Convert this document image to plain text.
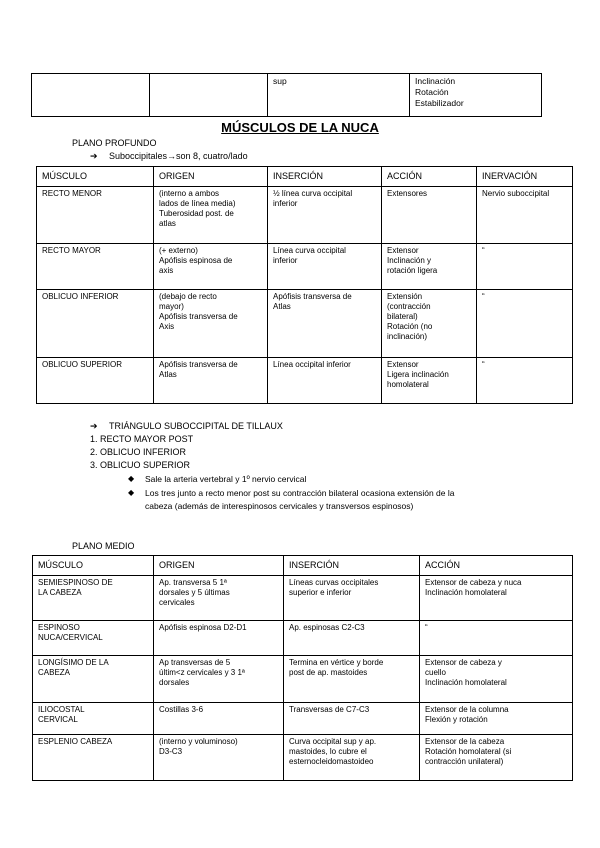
		sup	Inclinación
Rotación
Estabilizador
MÚSCULOS DE LA NUCA
PLANO PROFUNDO
➔ Suboccipitales→son 8, cuatro/lado
MÚSCULO	ORIGEN	INSERCIÓN	ACCIÓN	INERVACIÓN
RECTO MENOR	(interno a ambos
lados de línea media)
Tuberosidad post. de
atlas	½ línea curva occipital
inferior	Extensores	Nervio suboccipital
RECTO MAYOR	(+ externo)
Apófisis espinosa de
axis	Línea curva occipital
inferior	Extensor
Inclinación y
rotación ligera	“
OBLICUO INFERIOR	(debajo de recto
mayor)
Apófisis transversa de
Axis	Apófisis transversa de
Atlas	Extensión
(contracción
bilateral)
Rotación (no
inclinación)	“
OBLICUO SUPERIOR	Apófisis transversa de
Atlas	Línea occipital inferior	Extensor
Ligera inclinación
homolateral	“
➔ TRIÁNGULO SUBOCCIPITAL DE TILLAUX
1. RECTO MAYOR POST
2. OBLICUO INFERIOR
3. OBLICUO SUPERIOR
◆ Sale la arteria vertebral y 1º nervio cervical
◆ Los tres junto a recto menor post su contracción bilateral ocasiona extensión de la
cabeza (además de interespinosos cervicales y transversos espinosos)
PLANO MEDIO
MÚSCULO	ORIGEN	INSERCIÓN	ACCIÓN
SEMIESPINOSO DE
LA CABEZA	Ap. transversa 5 1ª
dorsales y 5 últimas
cervicales	Líneas curvas occipitales
superior e inferior	Extensor de cabeza y nuca
Inclinación homolateral
ESPINOSO
NUCA/CERVICAL	Apófisis espinosa D2-D1	Ap. espinosas C2-C3	“
LONGÍSIMO DE LA
CABEZA	Ap transversas de 5
últim<z cervicales y 3 1ª
dorsales	Termina en vértice y borde
post de ap. mastoides	Extensor de cabeza y
cuello
Inclinación homolateral
ILIOCOSTAL
CERVICAL	Costillas 3-6	Transversas de C7-C3	Extensor de la columna
Flexión y rotación
ESPLENIO CABEZA	(interno y voluminoso)
D3-C3	Curva occipital sup y ap.
mastoides, lo cubre el
esternocleidomastoideo	Extensor de la cabeza
Rotación homolateral (si
contracción unilateral)
